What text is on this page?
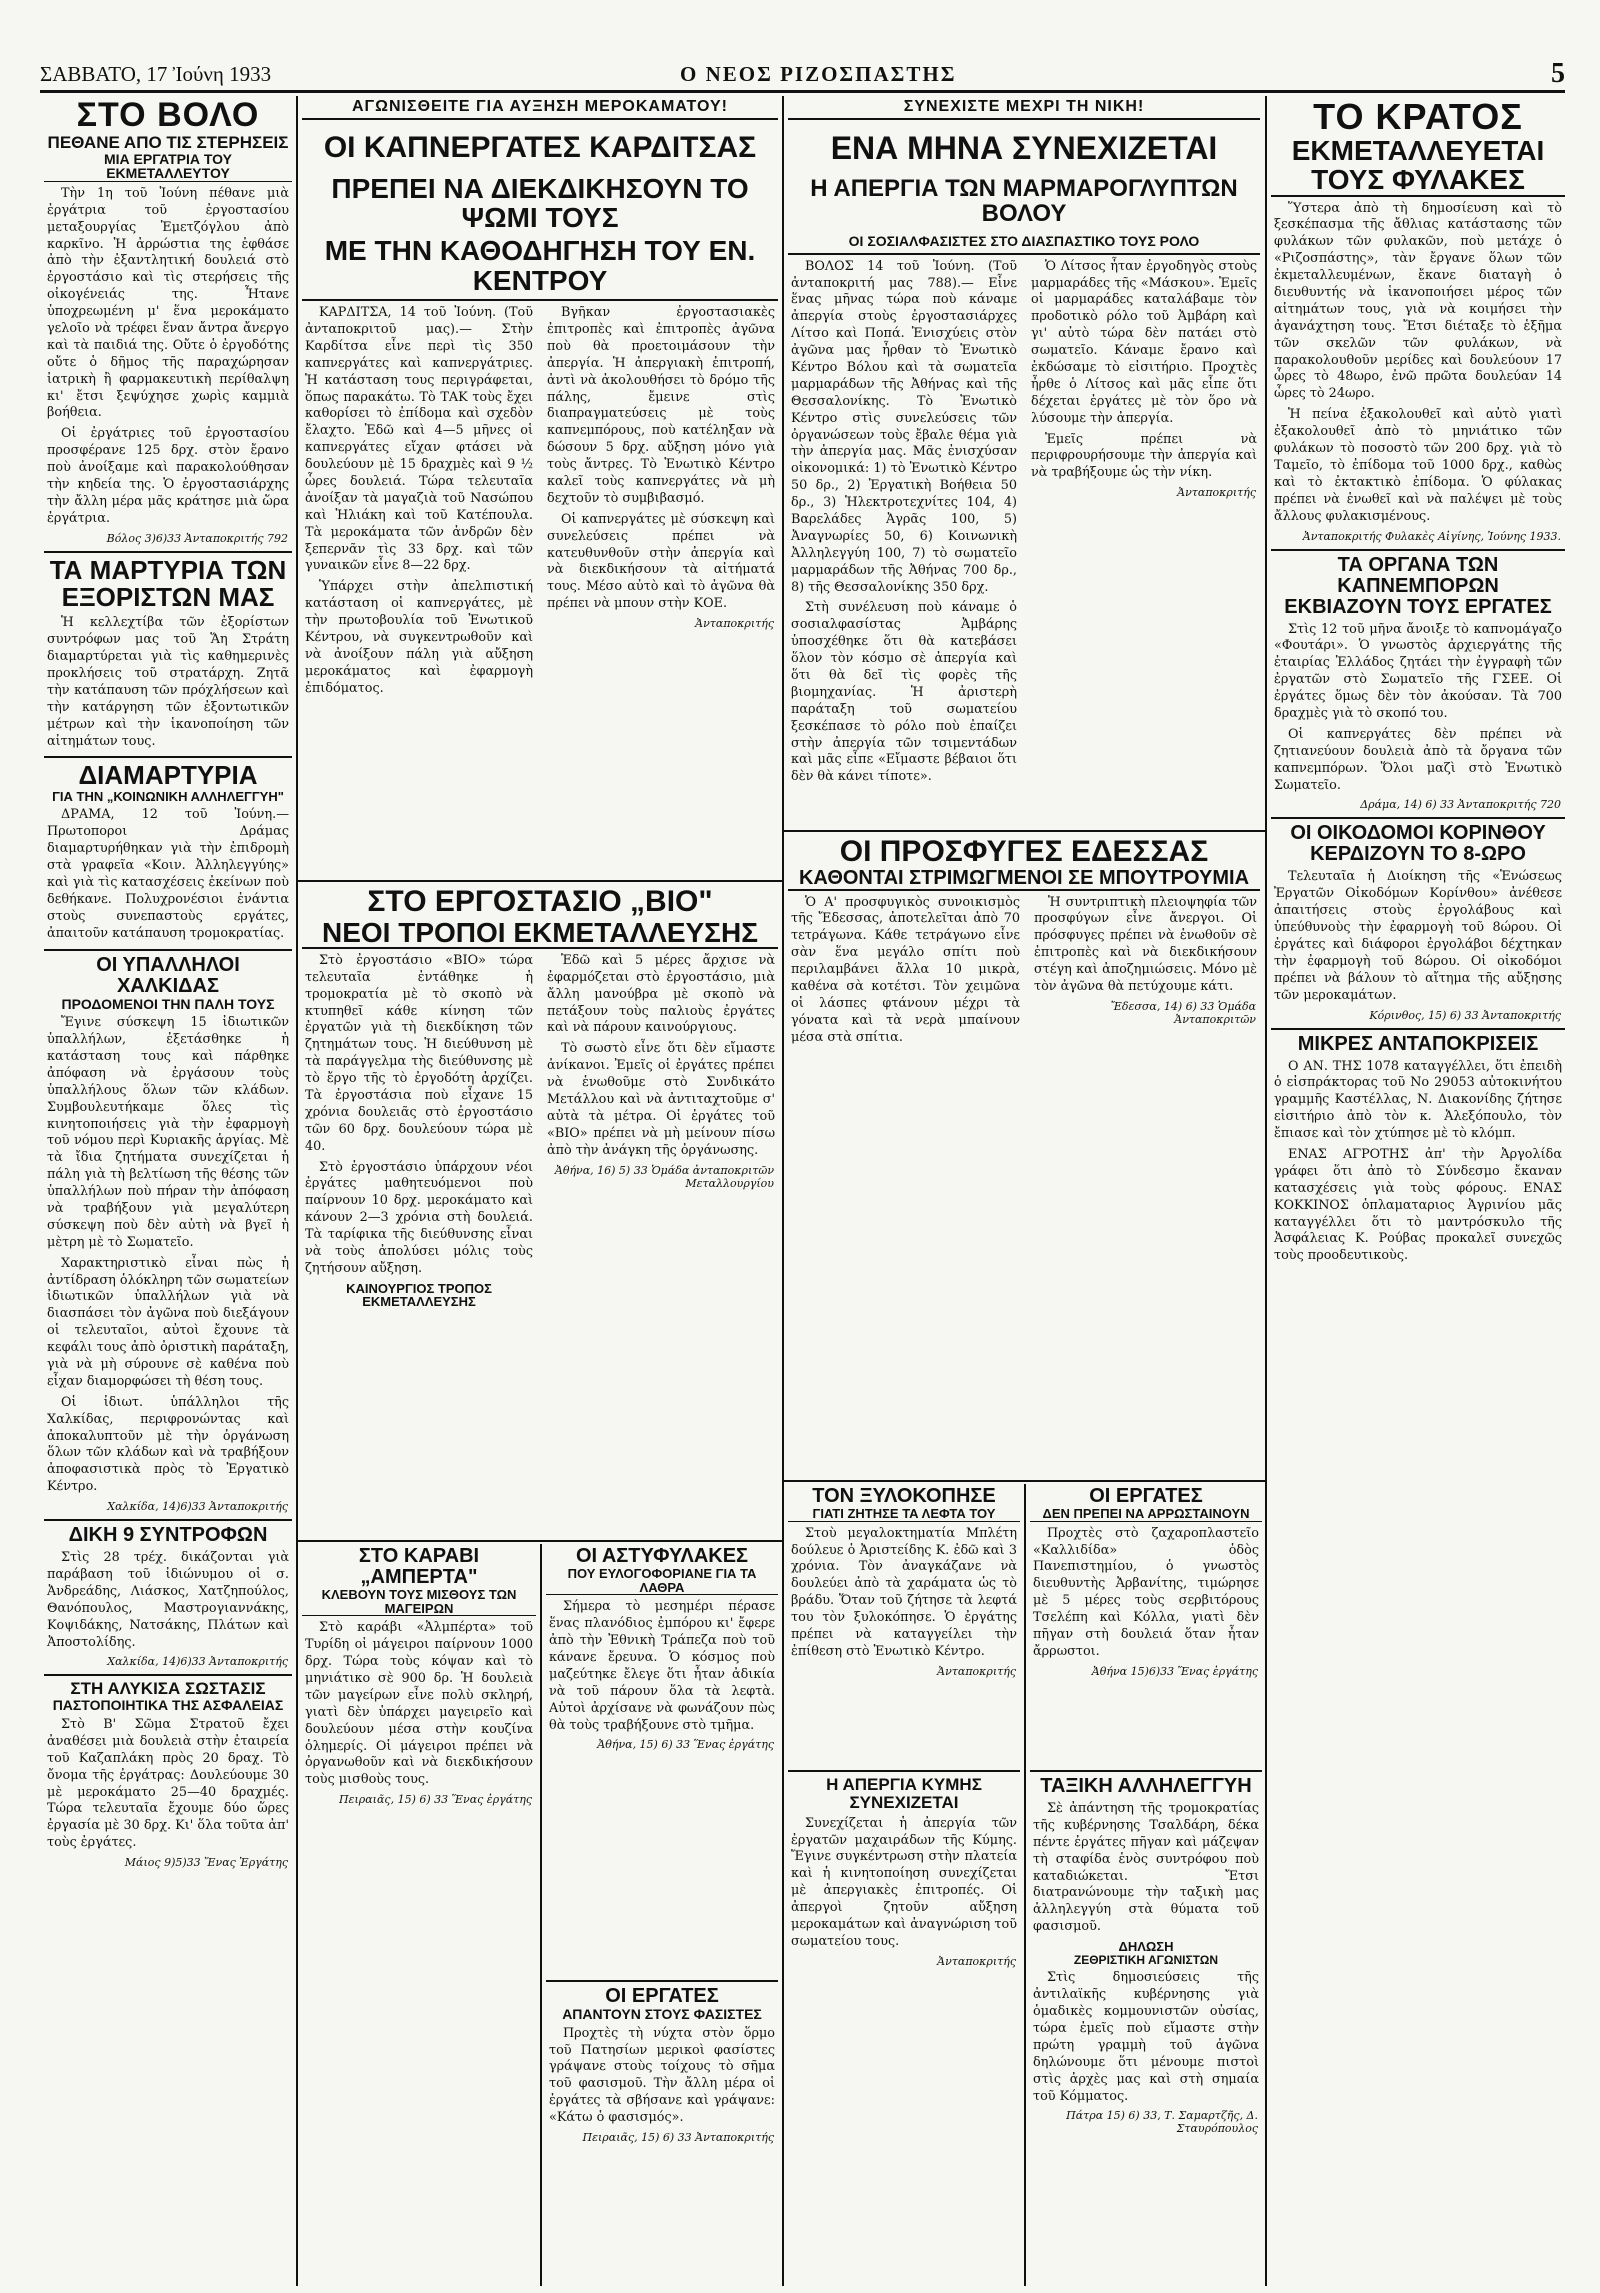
ΣΑΒΒΑΤΟ, 17 Ἰούνη 1933	Ο ΝΕΟΣ ΡΙΖΟΣΠΑΣΤΗΣ	5
ΣΤΟ ΒΟΛΟ
ΠΕΘΑΝΕ ΑΠΟ ΤΙΣ ΣΤΕΡΗΣΕΙΣ
ΜΙΑ ΕΡΓΑΤΡΙΑ ΤΟΥ ΕΚΜΕΤΑΛΛΕΥΤΟΥ

Τὴν 1η τοῦ Ἰούνη πέθανε μιὰ ἐργάτρια τοῦ ἐργοστασίου μεταξουργίας Ἐμετζόγλου ἀπὸ καρκῖνο. Ἡ ἀρρώστια της ἐφθάσε ἀπὸ τὴν ἐξαντλητική δουλειά στὸ ἐργοστάσιο καὶ τὶς στερήσεις τῆς οἰκογένειάς της. Ἦτανε ὑποχρεωμένη μ' ἕνα μεροκάματο γελοῖο νὰ τρέφει ἕναν ἄντρα ἄνεργο καὶ τὰ παιδιά της. Οὔτε ὁ ἐργοδότης οὔτε ὁ δῆμος τῆς παραχώρησαν ἰατρικὴ ἢ φαρμακευτικὴ περίθαλψη κι' ἔτσι ξεψύχησε χωρὶς καμμιὰ βοήθεια.

Οἱ ἐργάτριες τοῦ ἐργοστασίου προσφέρανε 125 δρχ. στὸν ἔρανο ποὺ ἀνοίξαμε καὶ παρακολούθησαν τὴν κηδεία της. Ὁ ἐργοστασιάρχης τὴν ἄλλη μέρα μᾶς κράτησε μιὰ ὥρα ἐργάτρια.

Βόλος 3)6)33 Ἀνταποκριτής 792
ΤΑ ΜΑΡΤΥΡΙΑ ΤΩΝ ΕΞΟΡΙΣΤΩΝ ΜΑΣ

Ἡ κελλεχτίβα τῶν ἐξορίστων συντρόφων μας τοῦ Ἅη Στράτη διαμαρτύρεται γιὰ τὶς καθημερινὲς προκλήσεις τοῦ στρατάρχη. Ζητᾶ τὴν κατάπαυση τῶν πρόχλήσεων καὶ τὴν κατάργηση τῶν ἐξοντωτικῶν μέτρων καὶ τὴν ἱκανοποίηση τῶν αἰτημάτων τους.

ΔΙΑΜΑΡΤΥΡΙΑ
ΓΙΑ ΤΗΝ „ΚΟΙΝΩΝΙΚΗ ΑΛΛΗΛΕΓΓΥΗ"

ΔΡΑΜΑ, 12 τοῦ Ἰούνη.— Πρωτοποροι Δράμας διαμαρτυρήθηκαν γιὰ τὴν ἐπιδρομὴ στὰ γραφεῖα «Κοιν. Ἀλληλεγγύης» καὶ γιὰ τὶς κατασχέσεις ἐκείνων ποὺ δεθήκανε. Πολυχρονέσιοι ἐνάντια στοὺς συνεπαστοὺς εργάτες, ἀπαιτοῦν κατάπαυση τρομοκρατίας.

ΟΙ ΥΠΑΛΛΗΛΟΙ ΧΑΛΚΙΔΑΣ
ΠΡΟΔΟΜΕΝΟΙ ΤΗΝ ΠΑΛΗ ΤΟΥΣ

Ἔγινε σύσκεψη 15 ἰδιωτικῶν ὑπαλλήλων, ἐξετάσθηκε ἡ κατάσταση τους καὶ πάρθηκε ἀπόφαση νὰ ἐργάσουν τοὺς ὑπαλλήλους ὅλων τῶν κλάδων. Συμβουλευτήκαμε ὅλες τὶς κινητοποιήσεις γιὰ τὴν ἐφαρμογὴ τοῦ νόμου περὶ Κυριακῆς ἀργίας. Μὲ τὰ ἴδια ζητήματα συνεχίζεται ἡ πάλη γιὰ τὴ βελτίωση τῆς θέσης τῶν ὑπαλλήλων ποὺ πήραν τὴν ἀπόφαση νὰ τραβήξουν γιὰ μεγαλύτερη σύσκεψη ποὺ δὲν αὐτὴ νὰ βγεῖ ἡ μὲτρη μὲ τὸ Σωματεῖο.

Χαρακτηριστικὸ εἶναι πὼς ἡ ἀντίδραση ὁλόκληρη τῶν σωματείων ἰδιωτικῶν ὑπαλλήλων γιὰ νὰ διασπάσει τὸν ἀγῶνα ποὺ διεξάγουν οἱ τελευταῖοι, αὐτοὶ ἔχουνε τὰ κεφάλι τους ἀπὸ ὀριστικὴ παράταξη, γιὰ νὰ μὴ σύρουνε σὲ καθένα ποὺ εἶχαν διαμορφώσει τὴ θέση τους.

Οἱ ἰδιωτ. ὑπάλληλοι τῆς Χαλκίδας, περιφρονώντας καὶ ἀποκαλυπτοῦν μὲ τὴν ὀργάνωση ὅλων τῶν κλάδων καὶ νὰ τραβήξουν ἀποφασιστικὰ πρὸς τὸ Ἐργατικὸ Κέντρο.

Χαλκίδα, 14)6)33 Ἀνταποκριτής
ΔΙΚΗ 9 ΣΥΝΤΡΟΦΩΝ

Στὶς 28 τρέχ. δικάζονται γιὰ παράβαση τοῦ ἰδιώνυμου οἱ σ. Ἀνδρεάδης, Λιάσκος, Χατζηπούλος, Θανόπουλος, Μαστρογιαννάκης, Κοψιδάκης, Νατσάκης, Πλάτων καὶ Ἀποστολίδης.

Χαλκίδα, 14)6)33 Ἀνταποκριτής
ΣΤΗ ΑΛΥΚΙΣΑ ΣΩΣΤΑΣΙΣ
ΠΑΣΤΟΠΟΙΗΤΙΚΑ ΤΗΣ ΑΣΦΑΛΕΙΑΣ

Στὸ Β' Σῶμα Στρατοῦ ἔχει ἀναθέσει μιὰ δουλειὰ στὴν ἐταιρεία τοῦ Καζαπλάκη πρὸς 20 δραχ. Τὸ ὄνομα τῆς ἐργάτρας: Δουλεύουμε 30 μὲ μεροκάματο 25—40 δραχμές. Τώρα τελευταῖα ἔχουμε δύο ὥρες ἐργασία μὲ 30 δρχ. Κι' ὅλα τοῦτα ἀπ' τοὺς ἐργάτες.

Μάιος 9)5)33 Ἕνας Ἐργάτης
ΑΓΩΝΙΣΘΕΙΤΕ ΓΙΑ ΑΥΞΗΣΗ ΜΕΡΟΚΑΜΑΤΟΥ!
ΟΙ ΚΑΠΝΕΡΓΑΤΕΣ ΚΑΡΔΙΤΣΑΣ
ΠΡΕΠΕΙ ΝΑ ΔΙΕΚΔΙΚΗΣΟΥΝ ΤΟ ΨΩΜΙ ΤΟΥΣ
ΜΕ ΤΗΝ ΚΑΘΟΔΗΓΗΣΗ ΤΟΥ ΕΝ. ΚΕΝΤΡΟΥ

ΚΑΡΔΙΤΣΑ, 14 τοῦ Ἰούνη. (Τοῦ ἀνταποκριτοῦ μας).— Στὴν Καρδίτσα εἶνε περὶ τὶς 350 καπνεργάτες καὶ καπνεργάτριες. Ἡ κατάσταση τους περιγράφεται, ὅπως παρακάτω. Τὸ ΤΑΚ τοὺς ἔχει καθορίσει τὸ ἐπίδομα καὶ σχεδὸν ἔλαχτο. Ἐδῶ καὶ 4—5 μῆνες οἱ καπνεργάτες εἴχαν φτάσει νὰ δουλεύουν μὲ 15 δραχμὲς καὶ 9 ½ ὧρες δουλειά. Τώρα τελευταῖα ἀνοίξαν τὰ μαγαζιὰ τοῦ Νασώπου καὶ Ἡλιάκη καὶ τοῦ Κατέπουλα. Τὰ μεροκάματα τῶν ἀνδρῶν δὲν ξεπερνᾶν τὶς 33 δρχ. καὶ τῶν γυναικῶν εἶνε 8—22 δρχ.

Ὑπάρχει στὴν ἀπελπιστική κατάσταση οἱ καπνεργάτες, μὲ τὴν πρωτοβουλία τοῦ Ἑνωτικοῦ Κέντρου, νὰ συγκεντρωθοῦν καὶ νὰ ἀνοίξουν πάλη γιὰ αὔξηση μεροκάματος καὶ ἐφαρμογὴ ἐπιδόματος.

Βγῆκαν ἐργοστασιακὲς ἐπιτροπὲς καὶ ἐπιτροπὲς ἀγῶνα ποὺ θὰ προετοιμάσουν τὴν ἀπεργία. Ἡ ἀπεργιακὴ ἐπιτροπή, ἀντὶ νὰ ἀκολουθήσει τὸ δρόμο τῆς πάλης, ἔμεινε στὶς διαπραγματεύσεις μὲ τοὺς καπνεμπόρους, ποὺ κατέληξαν νὰ δώσουν 5 δρχ. αὔξηση μόνο γιὰ τοὺς ἄντρες. Τὸ Ἑνωτικὸ Κέντρο καλεῖ τοὺς καπνεργάτες νὰ μὴ δεχτοῦν τὸ συμβιβασμό.

Οἱ καπνεργάτες μὲ σύσκεψη καὶ συνελεύσεις πρέπει νὰ κατευθυνθοῦν στὴν ἀπεργία καὶ νὰ διεκδικήσουν τὰ αἰτήματά τους. Μέσο αὐτὸ καὶ τὸ ἀγῶνα θὰ πρέπει νὰ μπουν στὴν ΚΟΕ.

Ἀνταποκριτής
ΣΥΝΕΧΙΣΤΕ ΜΕΧΡΙ ΤΗ ΝΙΚΗ!
ΕΝΑ ΜΗΝΑ ΣΥΝΕΧΙΖΕΤΑΙ
Η ΑΠΕΡΓΙΑ ΤΩΝ ΜΑΡΜΑΡΟΓΛΥΠΤΩΝ ΒΟΛΟΥ
ΟΙ ΣΟΣΙΑΛΦΑΣΙΣΤΕΣ ΣΤΟ ΔΙΑΣΠΑΣΤΙΚΟ ΤΟΥΣ ΡΟΛΟ

ΒΟΛΟΣ 14 τοῦ Ἰούνη. (Τοῦ ἀνταποκριτή μας 788).— Εἶνε ἕνας μῆνας τώρα ποὺ κάναμε ἀπεργία στοὺς ἐργοστασιάρχες Λίτσο καὶ Ποπά. Ἐνισχύεις στὸν ἀγῶνα μας ἦρθαν τὸ Ἑνωτικὸ Κέντρο Βόλου καὶ τὰ σωματεῖα μαρμαράδων τῆς Ἀθήνας καὶ τῆς Θεσσαλονίκης. Τὸ Ἑνωτικὸ Κέντρο στὶς συνελεύσεις τῶν ὀργανώσεων τοὺς ἔβαλε θέμα γιὰ τὴν ἀπεργία μας. Μᾶς ἐνισχύσαν οἰκονομικά: 1) τὸ Ἑνωτικὸ Κέντρο 50 δρ., 2) Ἐργατικὴ Βοήθεια 50 δρ., 3) Ἡλεκτροτεχνίτες 104, 4) Βαρελάδες Ἀγρᾶς 100, 5) Ἀναγνωρίες 50, 6) Κοινωνικὴ Ἀλληλεγγύη 100, 7) τὸ σωματεῖο μαρμαράδων τῆς Ἀθήνας 700 δρ., 8) τῆς Θεσσαλονίκης 350 δρχ.

Στὴ συνέλευση ποὺ κάναμε ὁ σοσιαλφασίστας Ἀμβάρης ὑποσχέθηκε ὅτι θὰ κατεβάσει ὅλον τὸν κόσμο σὲ ἀπεργία καὶ ὅτι θὰ δεῖ τὶς φορὲς τῆς βιομηχανίας. Ἡ ἀριστερὴ παράταξη τοῦ σωματείου ξεσκέπασε τὸ ρόλο ποὺ ἐπαίζει στὴν ἀπεργία τῶν τσιμεντάδων καὶ μᾶς εἶπε «Εἴμαστε βέβαιοι ὅτι δὲν θὰ κάνει τίποτε».

Ὁ Λίτσος ἦταν ἐργοδηγὸς στοὺς μαρμαράδες τῆς «Μάσκου». Ἐμεῖς οἱ μαρμαράδες καταλάβαμε τὸν προδοτικὸ ρόλο τοῦ Ἀμβάρη καὶ γι' αὐτὸ τώρα δὲν πατάει στὸ σωματεῖο. Κάναμε ἔρανο καὶ ἐκδώσαμε τὸ εἰσιτήριο. Προχτὲς ἦρθε ὁ Λίτσος καὶ μᾶς εἶπε ὅτι δέχεται ἐργάτες μὲ τὸν ὅρο νὰ λύσουμε τὴν ἀπεργία.

Ἐμεῖς πρέπει νὰ περιφρουρήσουμε τὴν ἀπεργία καὶ νὰ τραβήξουμε ὡς τὴν νίκη.

Ἀνταποκριτής
ΤΟ ΚΡΑΤΟΣ
ΕΚΜΕΤΑΛΛΕΥΕΤΑΙ
ΤΟΥΣ ΦΥΛΑΚΕΣ

Ὕστερα ἀπὸ τὴ δημοσίευση καὶ τὸ ξεσκέπασμα τῆς ἄθλιας κατάστασης τῶν φυλάκων τῶν φυλακῶν, ποὺ μετάχε ὁ «Ριζοσπάστης», τὰν ἔργανε ὅλων τῶν ἐκμεταλλευμένων, ἔκανε διαταγὴ ὁ διευθυντής νὰ ἱκανοποιήσει μέρος τῶν αἰτημάτων τους, γιὰ νὰ κοιμήσει τὴν ἀγανάχτηση τους. Ἔτσι διέταξε τὸ ἑξῆμα τῶν σκελῶν τῶν φυλάκων, νὰ παρακολουθοῦν μερίδες καὶ δουλεύουν 17 ὧρες τὸ 48ωρο, ἐνῶ πρῶτα δουλεύαν 14 ὧρες τὸ 24ωρο.

Ἡ πείνα ἐξακολουθεῖ καὶ αὐτὸ γιατὶ ἐξακολουθεῖ ἀπὸ τὸ μηνιάτικο τῶν φυλάκων τὸ ποσοστὸ τῶν 200 δρχ. γιὰ τὸ Ταμεῖο, τὸ ἐπίδομα τοῦ 1000 δρχ., καθὼς καὶ τὸ ἐκτακτικὸ ἐπίδομα. Ὁ φύλακας πρέπει νὰ ἑνωθεῖ καὶ νὰ παλέψει μὲ τοὺς ἄλλους φυλακισμένους.

Ἀνταποκριτής Φυλακὲς Αἰγίνης, Ἰούνης 1933.
ΤΑ ΟΡΓΑΝΑ ΤΩΝ ΚΑΠΝΕΜΠΟΡΩΝ
ΕΚΒΙΑΖΟΥΝ ΤΟΥΣ ΕΡΓΑΤΕΣ

Στὶς 12 τοῦ μῆνα ἄνοιξε τὸ καπνομάγαζο «Φουτάρι». Ὁ γνωστὸς ἀρχιεργάτης τῆς ἐταιρίας Ἐλλάδος ζητάει τὴν ἐγγραφὴ τῶν ἐργατῶν στὸ Σωματεῖο τῆς ΓΣΕΕ. Οἱ ἐργάτες ὅμως δὲν τὸν ἀκούσαν. Τὰ 700 δραχμὲς γιὰ τὸ σκοπό του.

Οἱ καπνεργάτες δὲν πρέπει νὰ ζητιανεύουν δουλειὰ ἀπὸ τὰ ὄργανα τῶν καπνεμπόρων. Ὅλοι μαζὶ στὸ Ἑνωτικὸ Σωματεῖο.

Δράμα, 14) 6) 33 Ἀνταποκριτής 720
ΟΙ ΟΙΚΟΔΟΜΟΙ ΚΟΡΙΝΘΟΥ
ΚΕΡΔΙΖΟΥΝ ΤΟ 8-ΩΡΟ

Τελευταῖα ἡ Διοίκηση τῆς «Ἑνώσεως Ἐργατῶν Οἰκοδόμων Κορίνθου» ἀνέθεσε ἀπαιτήσεις στοὺς ἐργολάβους καὶ ὑπεύθυνοὺς τὴν ἐφαρμογὴ τοῦ 8ώρου. Οἱ ἐργάτες καὶ διάφοροι ἐργολάβοι δέχτηκαν τὴν ἐφαρμογὴ τοῦ 8ώρου. Οἱ οἰκοδόμοι πρέπει νὰ βάλουν τὸ αἴτημα τῆς αὔξησης τῶν μεροκαμάτων.

Κόρινθος, 15) 6) 33 Ἀνταποκριτής
ΜΙΚΡΕΣ ΑΝΤΑΠΟΚΡΙΣΕΙΣ

Ο ΑΝ. ΤΗΣ 1078 καταγγέλλει, ὅτι ἐπειδὴ ὁ εἰσπράκτορας τοῦ Νο 29053 αὐτοκινήτου γραμμῆς Καστέλλας, Ν. Διακονίδης ζήτησε εἰσιτήριο ἀπὸ τὸν κ. Ἀλεξόπουλο, τὸν ἔπιασε καὶ τὸν χτύπησε μὲ τὸ κλόμπ.

ΕΝΑΣ ΑΓΡΟΤΗΣ ἀπ' τὴν Ἀργολίδα γράφει ὅτι ἀπὸ τὸ Σύνδεσμο ἔκαναν κατασχέσεις γιὰ τοὺς φόρους. ΕΝΑΣ ΚΟΚΚΙΝΟΣ ὁπλαματαριος Ἀγρινίου μᾶς καταγγέλλει ὅτι τὸ μαντρόσκυλο τῆς Ἀσφάλειας Κ. Ρούβας προκαλεῖ συνεχῶς τοὺς προοδευτικοὺς.

ΣΤΟ ΕΡΓΟΣΤΑΣΙΟ „ΒΙΟ"
ΝΕΟΙ ΤΡΟΠΟΙ ΕΚΜΕΤΑΛΛΕΥΣΗΣ

Στὸ ἐργοστάσιο «ΒΙΟ» τώρα τελευταῖα ἐντάθηκε ἡ τρομοκρατία μὲ τὸ σκοπὸ νὰ κτυπηθεῖ κάθε κίνηση τῶν ἐργατῶν γιὰ τὴ διεκδίκηση τῶν ζητημάτων τους. Ἡ διεύθυνση μὲ τὰ παράγγελμα τὴς διεύθυνσης μὲ τὸ ἔργο τῆς τὸ ἐργοδότη ἀρχίζει. Τὰ ἐργοστάσια ποὺ εἶχανε 15 χρόνια δουλειᾶς στὸ ἐργοστάσιο τῶν 60 δρχ. δουλεύουν τώρα μὲ 40.

Στὸ ἐργοστάσιο ὑπάρχουν νέοι ἐργάτες μαθητευόμενοι ποὺ παίρνουν 10 δρχ. μεροκάματο καὶ κάνουν 2—3 χρόνια στὴ δουλειά. Τὰ ταρίφικα τῆς διεύθυνσης εἶναι νὰ τοὺς ἀπολύσει μόλις τοὺς ζητήσουν αὔξηση.

ΚΑΙΝΟΥΡΓΙΟΣ ΤΡΟΠΟΣ ΕΚΜΕΤΑΛΛΕΥΣΗΣ

Ἐδῶ καὶ 5 μέρες ἄρχισε νὰ ἐφαρμόζεται στὸ ἐργοστάσιο, μιὰ ἄλλη μανούβρα μὲ σκοπὸ νὰ πετάξουν τοὺς παλιοὺς ἐργάτες καὶ νὰ πάρουν καινούργιους.

Τὸ σωστὸ εἶνε ὅτι δὲν εἴμαστε ἀνίκανοι. Ἐμεῖς οἱ ἐργάτες πρέπει νὰ ἑνωθοῦμε στὸ Συνδικάτο Μετάλλου καὶ νὰ ἀντιταχτοῦμε σ' αὐτὰ τὰ μέτρα. Οἱ ἐργάτες τοῦ «ΒΙΟ» πρέπει νὰ μὴ μείνουν πίσω ἀπὸ τὴν ἀνάγκη τῆς ὀργάνωσης.

Ἀθήνα, 16) 5) 33 Ὁμάδα ἀνταποκριτῶν Μεταλλουργίου
ΟΙ ΠΡΟΣΦΥΓΕΣ ΕΔΕΣΣΑΣ
ΚΑΘΟΝΤΑΙ ΣΤΡΙΜΩΓΜΕΝΟΙ ΣΕ ΜΠΟΥΤΡΟΥΜΙΑ

Ὁ Α' προσφυγικὸς συνοικισμὸς τῆς Ἔδεσσας, ἀποτελεῖται ἀπὸ 70 τετράγωνα. Κάθε τετράγωνο εἶνε σὰν ἕνα μεγάλο σπίτι ποὺ περιλαμβάνει ἄλλα 10 μικρὰ, καθένα σὰ κοτέτσι. Τὸν χειμῶνα οἱ λάσπες φτάνουν μέχρι τὰ γόνατα καὶ τὰ νερὰ μπαίνουν μέσα στὰ σπίτια.

Ἡ συντριπτικὴ πλειοψηφία τῶν προσφύγων εἶνε ἄνεργοι. Οἱ πρόσφυγες πρέπει νὰ ἑνωθοῦν σὲ ἐπιτροπὲς καὶ νὰ διεκδικήσουν στέγη καὶ ἀποζημιώσεις. Μόνο μὲ τὸν ἀγῶνα θὰ πετύχουμε κάτι.

Ἔδεσσα, 14) 6) 33 Ὁμάδα Ἀνταποκριτῶν
ΣΤΟ ΚΑΡΑΒΙ „ΑΜΠΕΡΤΑ"
ΚΛΕΒΟΥΝ ΤΟΥΣ ΜΙΣΘΟΥΣ ΤΩΝ ΜΑΓΕΙΡΩΝ

Στὸ καράβι «Ἀλμπέρτα» τοῦ Τυρίδη οἱ μάγειροι παίρνουν 1000 δρχ. Τώρα τοὺς κόψαν καὶ τὸ μηνιάτικο σὲ 900 δρ. Ἡ δουλειὰ τῶν μαγείρων εἶνε πολὺ σκληρή, γιατὶ δὲν ὑπάρχει μαγειρεῖο καὶ δουλεύουν μέσα στὴν κουζίνα ὁλημερίς. Οἱ μάγειροι πρέπει νὰ ὀργανωθοῦν καὶ νὰ διεκδικήσουν τοὺς μισθοὺς τους.

Πειραιᾶς, 15) 6) 33 Ἕνας ἐργάτης
ΟΙ ΑΣΤΥΦΥΛΑΚΕΣ
ΠΟΥ ΕΥΛΟΓΟΦΟΡΙΑΝΕ ΓΙΑ ΤΑ ΛΑΘΡΑ

Σήμερα τὸ μεσημέρι πέρασε ἕνας πλανόδιος ἐμπόρου κι' ἔφερε ἀπὸ τὴν Ἐθνικὴ Τράπεζα ποὺ τοῦ κάνανε ἔρευνα. Ὁ κόσμος ποὺ μαζεύτηκε ἔλεγε ὅτι ἦταν ἀδικία νὰ τοῦ πάρουν ὅλα τὰ λεφτὰ. Αὐτοὶ ἀρχίσανε νὰ φωνάζουν πὼς θὰ τοὺς τραβήξουνε στὸ τμῆμα.

Ἀθήνα, 15) 6) 33 Ἕνας ἐργάτης
ΟΙ ΕΡΓΑΤΕΣ
ΑΠΑΝΤΟΥΝ ΣΤΟΥΣ ΦΑΣΙΣΤΕΣ

Προχτὲς τὴ νύχτα στὸν ὅρμο τοῦ Πατησίων μερικοὶ φασίστες γράψανε στοὺς τοίχους τὸ σῆμα τοῦ φασισμοῦ. Τὴν ἄλλη μέρα οἱ ἐργάτες τὰ σβήσανε καὶ γράψανε: «Κάτω ὁ φασισμός».

Πειραιᾶς, 15) 6) 33 Ἀνταποκριτής
ΤΟΝ ΞΥΛΟΚΟΠΗΣΕ
ΓΙΑΤΙ ΖΗΤΗΣΕ ΤΑ ΛΕΦΤΑ ΤΟΥ

Στοὺ μεγαλοκτηματία Μπλέτη δούλευε ὁ Ἀριστείδης Κ. ἐδῶ καὶ 3 χρόνια. Τὸν ἀναγκάζανε νὰ δουλεύει ἀπὸ τὰ χαράματα ὡς τὸ βράδυ. Ὅταν τοῦ ζήτησε τὰ λεφτά του τὸν ξυλοκόπησε. Ὁ ἐργάτης πρέπει νὰ καταγγείλει τὴν ἐπίθεση στὸ Ἑνωτικὸ Κέντρο.

Ἀνταποκριτής
Η ΑΠΕΡΓΙΑ ΚΥΜΗΣ ΣΥΝΕΧΙΖΕΤΑΙ

Συνεχίζεται ἡ ἀπεργία τῶν ἐργατῶν μαχαιράδων τῆς Κύμης. Ἔγινε συγκέντρωση στὴν πλατεία καὶ ἡ κινητοποίηση συνεχίζεται μὲ ἀπεργιακὲς ἐπιτροπές. Οἱ ἀπεργοὶ ζητοῦν αὔξηση μεροκαμάτων καὶ ἀναγνώριση τοῦ σωματείου τους.

Ἀνταποκριτής
ΟΙ ΕΡΓΑΤΕΣ
ΔΕΝ ΠΡΕΠΕΙ ΝΑ ΑΡΡΩΣΤΑΙΝΟΥΝ

Προχτὲς στὸ ζαχαροπλαστεῖο «Καλλιδίδα» ὁδὸς Πανεπιστημίου, ὁ γνωστὸς διευθυντὴς Ἀρβανίτης, τιμώρησε μὲ 5 μέρες τοὺς σερβιτόρους Τσελέπη καὶ Κόλλα, γιατὶ δὲν πῆγαν στὴ δουλειά ὅταν ἦταν ἄρρωστοι.

Ἀθήνα 15)6)33 Ἕνας ἐργάτης
ΤΑΞΙΚΗ ΑΛΛΗΛΕΓΓΥΗ

Σὲ ἀπάντηση τῆς τρομοκρατίας τῆς κυβέρνησης Τσαλδάρη, δέκα πέντε ἐργάτες πῆγαν καὶ μάζεψαν τὴ σταφίδα ἑνὸς συντρόφου ποὺ καταδιώκεται. Ἔτσι διατρανώνουμε τὴν ταξικὴ μας ἀλληλεγγύη στὰ θύματα τοῦ φασισμοῦ.

ΔΗΛΩΣΗ
ΖΕΘΡΙΣΤΙΚΗ ΑΓΩΝΙΣΤΩΝ

Στὶς δημοσιεύσεις τῆς ἀντιλαϊκῆς κυβέρνησης γιὰ ὁμαδικὲς κομμουνιστῶν οὐσίας, τώρα ἐμεῖς ποὺ εἴμαστε στὴν πρώτη γραμμὴ τοῦ ἀγῶνα δηλώνουμε ὅτι μένουμε πιστοὶ στὶς ἀρχὲς μας καὶ στὴ σημαία τοῦ Κόμματος.

Πάτρα 15) 6) 33, Τ. Σαμαρτζῆς, Δ. Σταυρόπουλος
